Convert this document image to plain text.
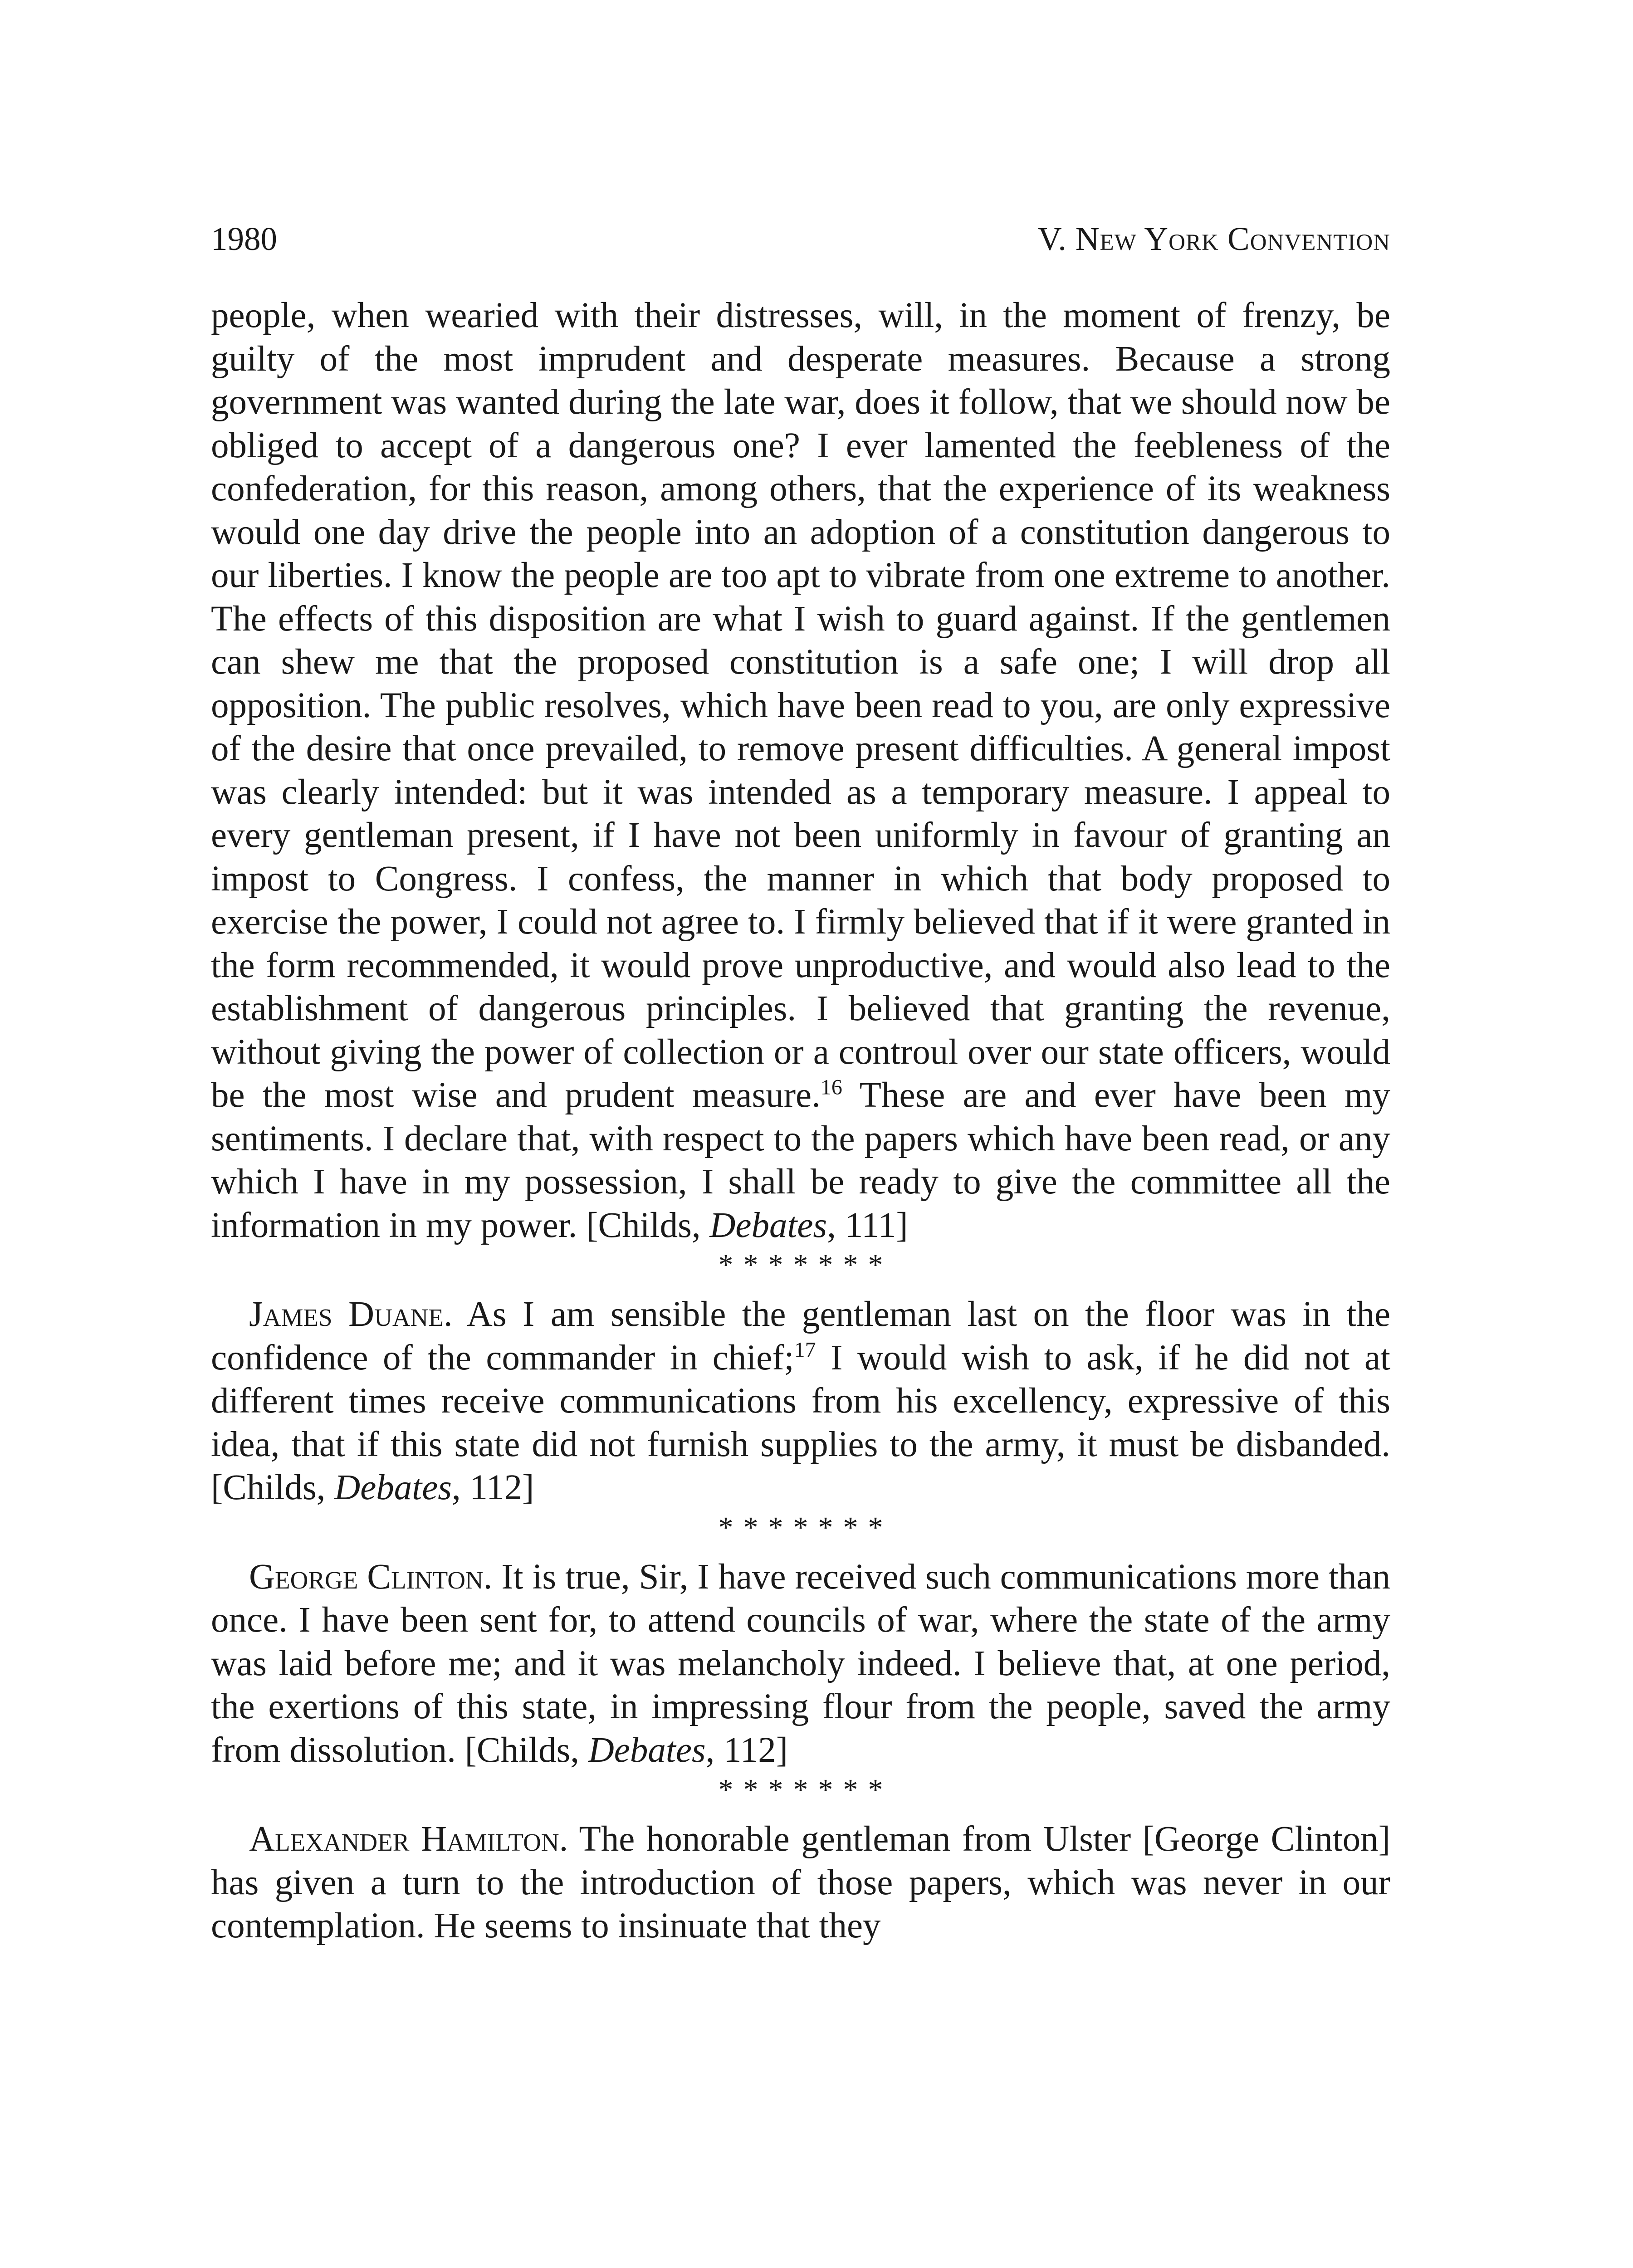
1980	V. New York Convention

people, when wearied with their distresses, will, in the moment of frenzy, be guilty of the most imprudent and desperate measures. Because a strong government was wanted during the late war, does it follow, that we should now be obliged to accept of a dangerous one? I ever lamented the feebleness of the confederation, for this reason, among others, that the experience of its weakness would one day drive the people into an adoption of a constitution dangerous to our liberties. I know the people are too apt to vibrate from one extreme to another. The effects of this disposition are what I wish to guard against. If the gentlemen can shew me that the proposed constitution is a safe one; I will drop all opposition. The public resolves, which have been read to you, are only expressive of the desire that once prevailed, to remove present difficulties. A general impost was clearly intended: but it was intended as a temporary measure. I appeal to every gentleman present, if I have not been uniformly in favour of granting an impost to Congress. I confess, the manner in which that body proposed to exercise the power, I could not agree to. I firmly believed that if it were granted in the form recommended, it would prove unproductive, and would also lead to the establishment of dangerous principles. I believed that granting the revenue, without giving the power of collection or a controul over our state officers, would be the most wise and prudent measure.$^{16}$ These are and ever have been my sentiments. I declare that, with respect to the papers which have been read, or any which I have in my possession, I shall be ready to give the committee all the information in my power. [Childs, Debates, 111]

*******

James Duane. As I am sensible the gentleman last on the floor was in the confidence of the commander in chief;$^{17}$ I would wish to ask, if he did not at different times receive communications from his excellency, expressive of this idea, that if this state did not furnish supplies to the army, it must be disbanded. [Childs, Debates, 112]

*******

George Clinton. It is true, Sir, I have received such communications more than once. I have been sent for, to attend councils of war, where the state of the army was laid before me; and it was melancholy indeed. I believe that, at one period, the exertions of this state, in impressing flour from the people, saved the army from dissolution. [Childs, Debates, 112]

*******

Alexander Hamilton. The honorable gentleman from Ulster [George Clinton] has given a turn to the introduction of those papers, which was never in our contemplation. He seems to insinuate that they
